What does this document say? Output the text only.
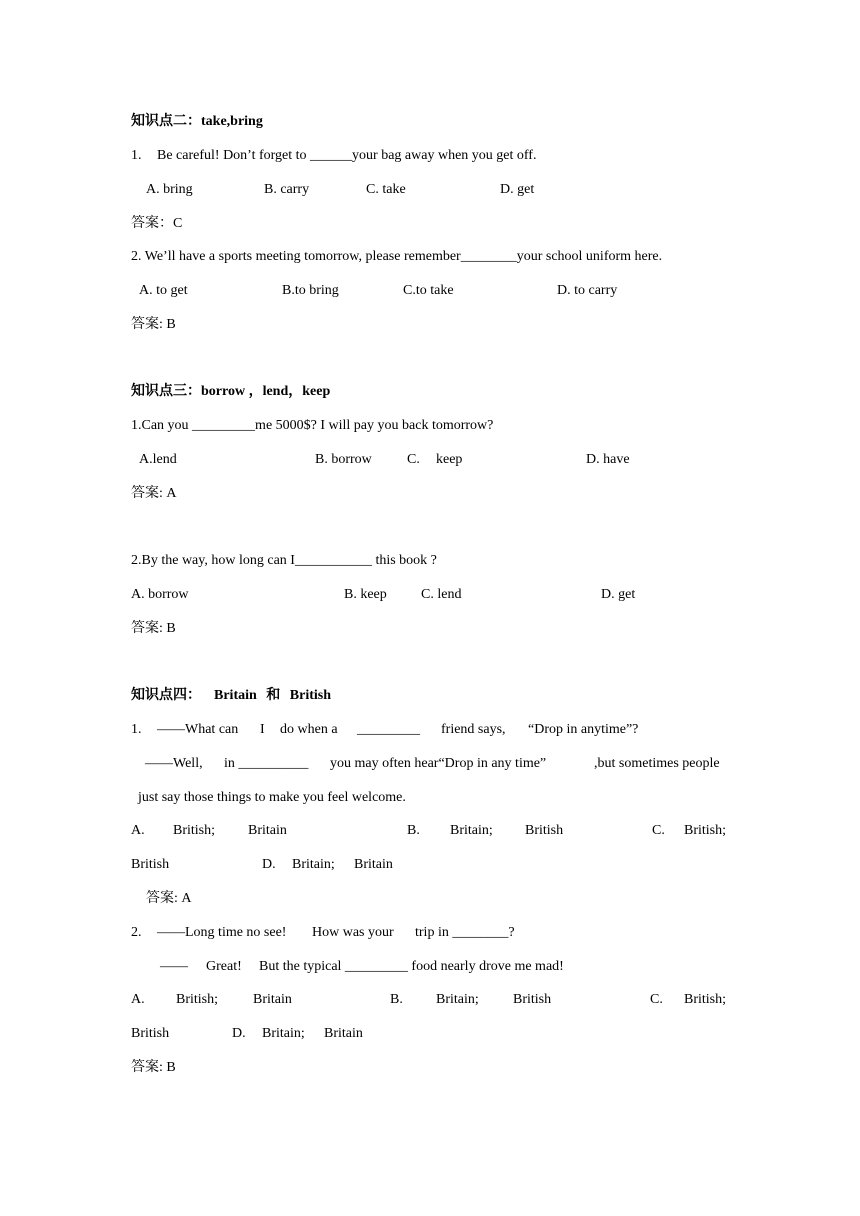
知识点二：take,bring
1. Be careful! Don’t forget to ______your bag away when you get off.
A. bring	B. carry	C. take	D. get
答案：C
2. We’ll have a sports meeting tomorrow, please remember________your school uniform here.
A. to get	B.to bring	C.to take	D. to carry
答案: B
知识点三：borrow ，lend，keep
1.Can you _________me 5000$? I will pay you back tomorrow?
A.lend	B. borrow	C. keep	D. have
答案: A
2.By the way, how long can I___________ this book ?
A. borrow	B. keep C. lend	D. get
答案: B
知识点四： Britain 和 British
1. ——What can I do when a _________ friend says, “Drop in anytime”?
——Well, in __________ you may often hear“Drop in any time”	,but sometimes people
just say those things to make you feel welcome.
A. British; Britain	B. Britain; British	C. British;
British	D. Britain; Britain
答案: A
2. ——Long time no see! How was your trip in ________?
—— Great! But the typical _________ food nearly drove me mad!
A. British; Britain	B. Britain; British	C. British;
British	D. Britain; Britain
答案: B
